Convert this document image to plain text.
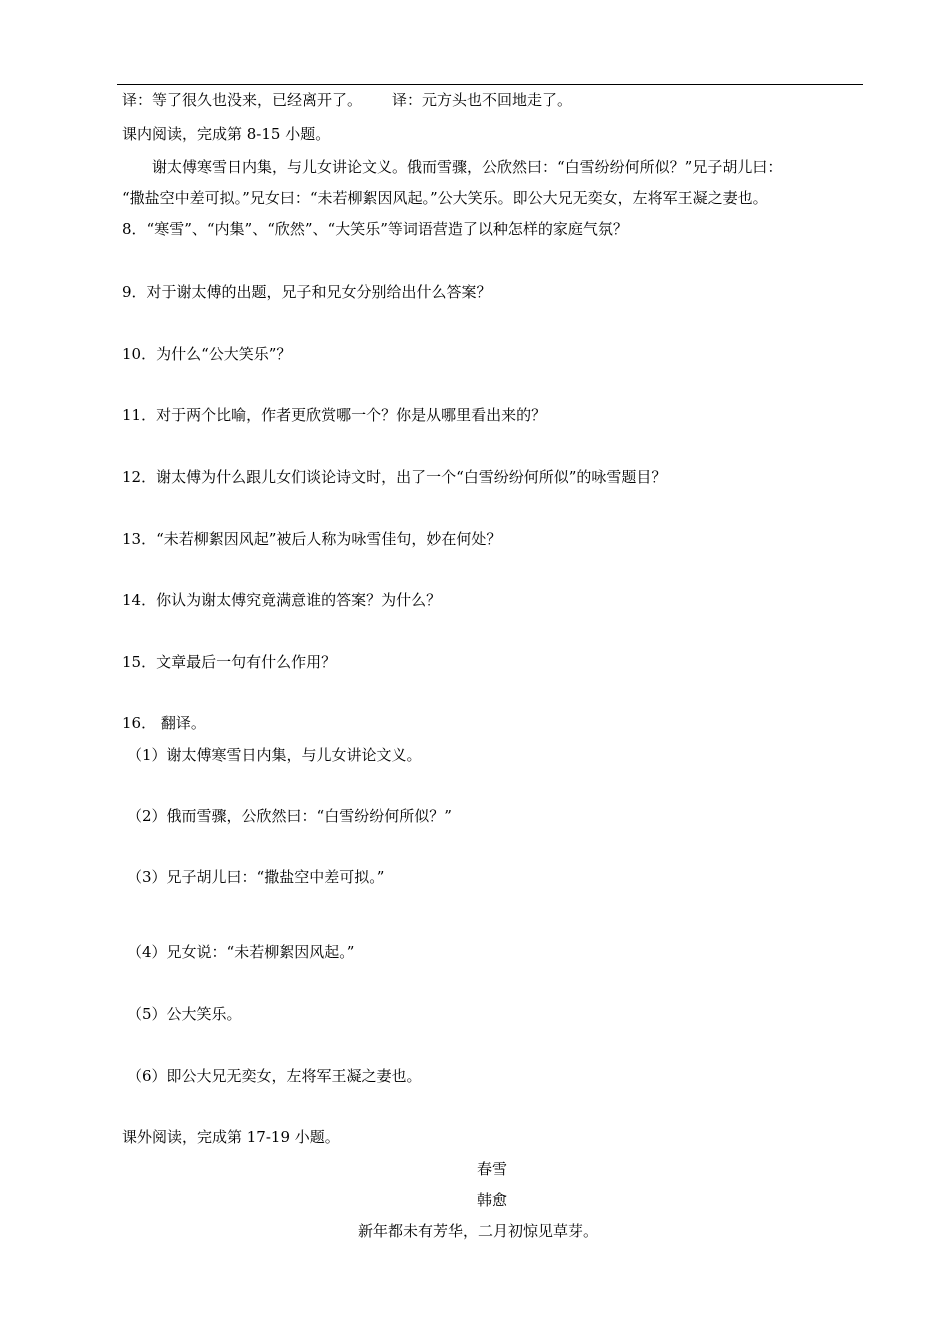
译：等了很久也没来，已经离开了。 译：元方头也不回地走了。
课内阅读，完成第 8-15 小题。
谢太傅寒雪日内集，与儿女讲论文义。俄而雪骤，公欣然曰：“白雪纷纷何所似？”兄子胡儿曰：
“撒盐空中差可拟。”兄女曰：“未若柳絮因风起。”公大笑乐。即公大兄无奕女，左将军王凝之妻也。
8．“寒雪”、“内集”、“欣然”、“大笑乐”等词语营造了以种怎样的家庭气氛？
9．对于谢太傅的出题，兄子和兄女分别给出什么答案？
10．为什么“公大笑乐”？
11．对于两个比喻，作者更欣赏哪一个？你是从哪里看出来的？
12．谢太傅为什么跟儿女们谈论诗文时，出了一个“白雪纷纷何所似”的咏雪题目？
13．“未若柳絮因风起”被后人称为咏雪佳句，妙在何处？
14．你认为谢太傅究竟满意谁的答案？为什么？
15．文章最后一句有什么作用？
16． 翻译。
（1）谢太傅寒雪日内集，与儿女讲论文义。
（2）俄而雪骤，公欣然曰：“白雪纷纷何所似？”
（3）兄子胡儿曰：“撒盐空中差可拟。”
（4）兄女说：“未若柳絮因风起。”
（5）公大笑乐。
（6）即公大兄无奕女，左将军王凝之妻也。
课外阅读，完成第 17-19 小题。
春雪
韩愈
新年都未有芳华，二月初惊见草芽。
